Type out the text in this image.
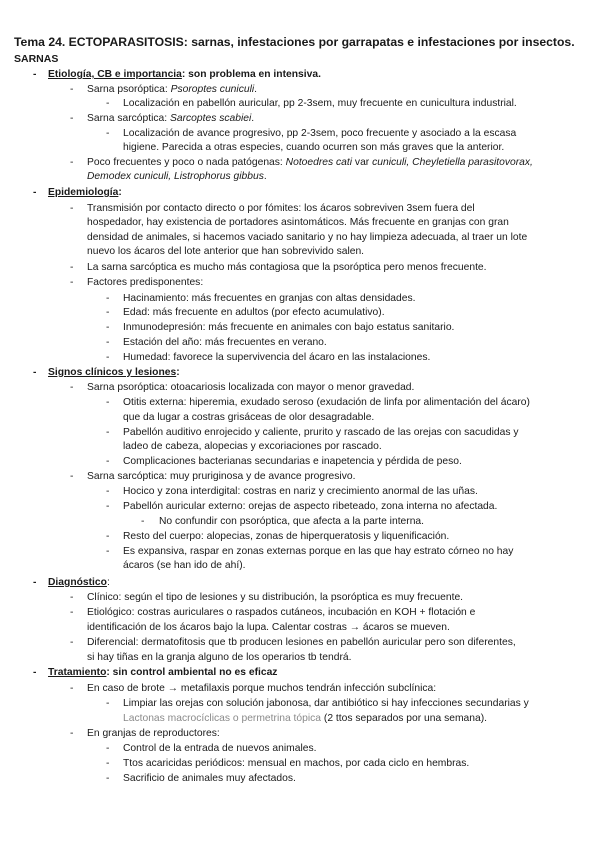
Tema 24. ECTOPARASITOSIS: sarnas, infestaciones por garrapatas e infestaciones por insectos.
SARNAS
- Etiología, CB e importancia: son problema en intensiva.
- Sarna psoróptica: Psoroptes cuniculi.
- Localización en pabellón auricular, pp 2-3sem, muy frecuente en cunicultura industrial.
- Sarna sarcóptica: Sarcoptes scabiei.
- Localización de avance progresivo, pp 2-3sem, poco frecuente y asociado a la escasa
higiene. Parecida a otras especies, cuando ocurren son más graves que la anterior.
- Poco frecuentes y poco o nada patógenas: Notoedres cati var cuniculi, Cheyletiella parasitovorax,
Demodex cuniculi, Listrophorus gibbus.
- Epidemiología:
- Transmisión por contacto directo o por fómites: los ácaros sobreviven 3sem fuera del
hospedador, hay existencia de portadores asintomáticos. Más frecuente en granjas con gran
densidad de animales, si hacemos vaciado sanitario y no hay limpieza adecuada, al traer un lote
nuevo los ácaros del lote anterior que han sobrevivido salen.
- La sarna sarcóptica es mucho más contagiosa que la psoróptica pero menos frecuente.
- Factores predisponentes:
- Hacinamiento: más frecuentes en granjas con altas densidades.
- Edad: más frecuente en adultos (por efecto acumulativo).
- Inmunodepresión: más frecuente en animales con bajo estatus sanitario.
- Estación del año: más frecuentes en verano.
- Humedad: favorece la supervivencia del ácaro en las instalaciones.
- Signos clínicos y lesiones:
- Sarna psoróptica: otoacariosis localizada con mayor o menor gravedad.
- Otitis externa: hiperemia, exudado seroso (exudación de linfa por alimentación del ácaro)
que da lugar a costras grisáceas de olor desagradable.
- Pabellón auditivo enrojecido y caliente, prurito y rascado de las orejas con sacudidas y
ladeo de cabeza, alopecias y excoriaciones por rascado.
- Complicaciones bacterianas secundarias e inapetencia y pérdida de peso.
- Sarna sarcóptica: muy pruriginosa y de avance progresivo.
- Hocico y zona interdigital: costras en nariz y crecimiento anormal de las uñas.
- Pabellón auricular externo: orejas de aspecto ribeteado, zona interna no afectada.
- No confundir con psoróptica, que afecta a la parte interna.
- Resto del cuerpo: alopecias, zonas de hiperqueratosis y liquenificación.
- Es expansiva, raspar en zonas externas porque en las que hay estrato córneo no hay
ácaros (se han ido de ahí).
- Diagnóstico:
- Clínico: según el tipo de lesiones y su distribución, la psoróptica es muy frecuente.
- Etiológico: costras auriculares o raspados cutáneos, incubación en KOH + flotación e
identificación de los ácaros bajo la lupa. Calentar costras → ácaros se mueven.
- Diferencial: dermatofitosis que tb producen lesiones en pabellón auricular pero son diferentes,
si hay tiñas en la granja alguno de los operarios tb tendrá.
- Tratamiento: sin control ambiental no es eficaz
- En caso de brote → metafilaxis porque muchos tendrán infección subclínica:
- Limpiar las orejas con solución jabonosa, dar antibiótico si hay infecciones secundarias y
Lactonas macrocíclicas o permetrina tópica (2 ttos separados por una semana).
- En granjas de reproductores:
- Control de la entrada de nuevos animales.
- Ttos acaricidas periódicos: mensual en machos, por cada ciclo en hembras.
- Sacrificio de animales muy afectados.
